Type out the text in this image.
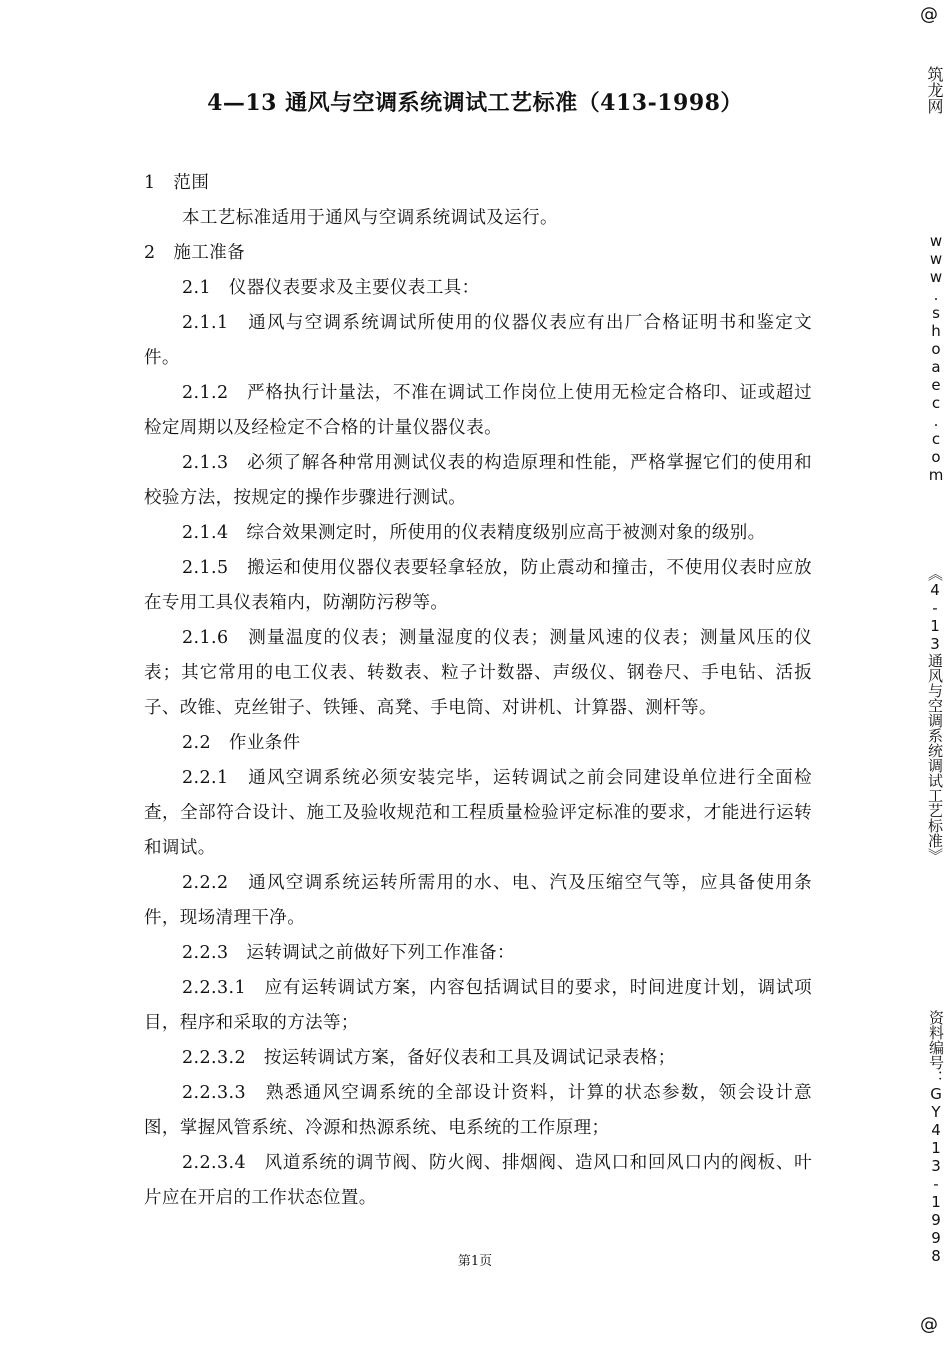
4—13 通风与空调系统调试工艺标准（413-1998）

1　范围

本工艺标准适用于通风与空调系统调试及运行。

2　施工准备

2.1　仪器仪表要求及主要仪表工具：

2.1.1　通风与空调系统调试所使用的仪器仪表应有出厂合格证明书和鉴定文件。

2.1.2　严格执行计量法，不准在调试工作岗位上使用无检定合格印、证或超过检定周期以及经检定不合格的计量仪器仪表。

2.1.3　必须了解各种常用测试仪表的构造原理和性能，严格掌握它们的使用和校验方法，按规定的操作步骤进行测试。

2.1.4　综合效果测定时，所使用的仪表精度级别应高于被测对象的级别。

2.1.5　搬运和使用仪器仪表要轻拿轻放，防止震动和撞击，不使用仪表时应放在专用工具仪表箱内，防潮防污秽等。

2.1.6　测量温度的仪表；测量湿度的仪表；测量风速的仪表；测量风压的仪表；其它常用的电工仪表、转数表、粒子计数器、声级仪、钢卷尺、手电钻、活扳子、改锥、克丝钳子、铁锤、高凳、手电筒、对讲机、计算器、测杆等。

2.2　作业条件

2.2.1　通风空调系统必须安装完毕，运转调试之前会同建设单位进行全面检查，全部符合设计、施工及验收规范和工程质量检验评定标准的要求，才能进行运转和调试。

2.2.2　通风空调系统运转所需用的水、电、汽及压缩空气等，应具备使用条件，现场清理干净。

2.2.3　运转调试之前做好下列工作准备：

2.2.3.1　应有运转调试方案，内容包括调试目的要求，时间进度计划，调试项目，程序和采取的方法等；

2.2.3.2　按运转调试方案，备好仪表和工具及调试记录表格；

2.2.3.3　熟悉通风空调系统的全部设计资料，计算的状态参数，领会设计意图，掌握风管系统、冷源和热源系统、电系统的工作原理；

2.2.3.4　风道系统的调节阀、防火阀、排烟阀、造风口和回风口内的阀板、叶片应在开启的工作状态位置。

第1页
@
筑龙网
www.shoaec.com
《4-13通风与空调系统调试工艺标准》
资料编号：GY413-1998
@
